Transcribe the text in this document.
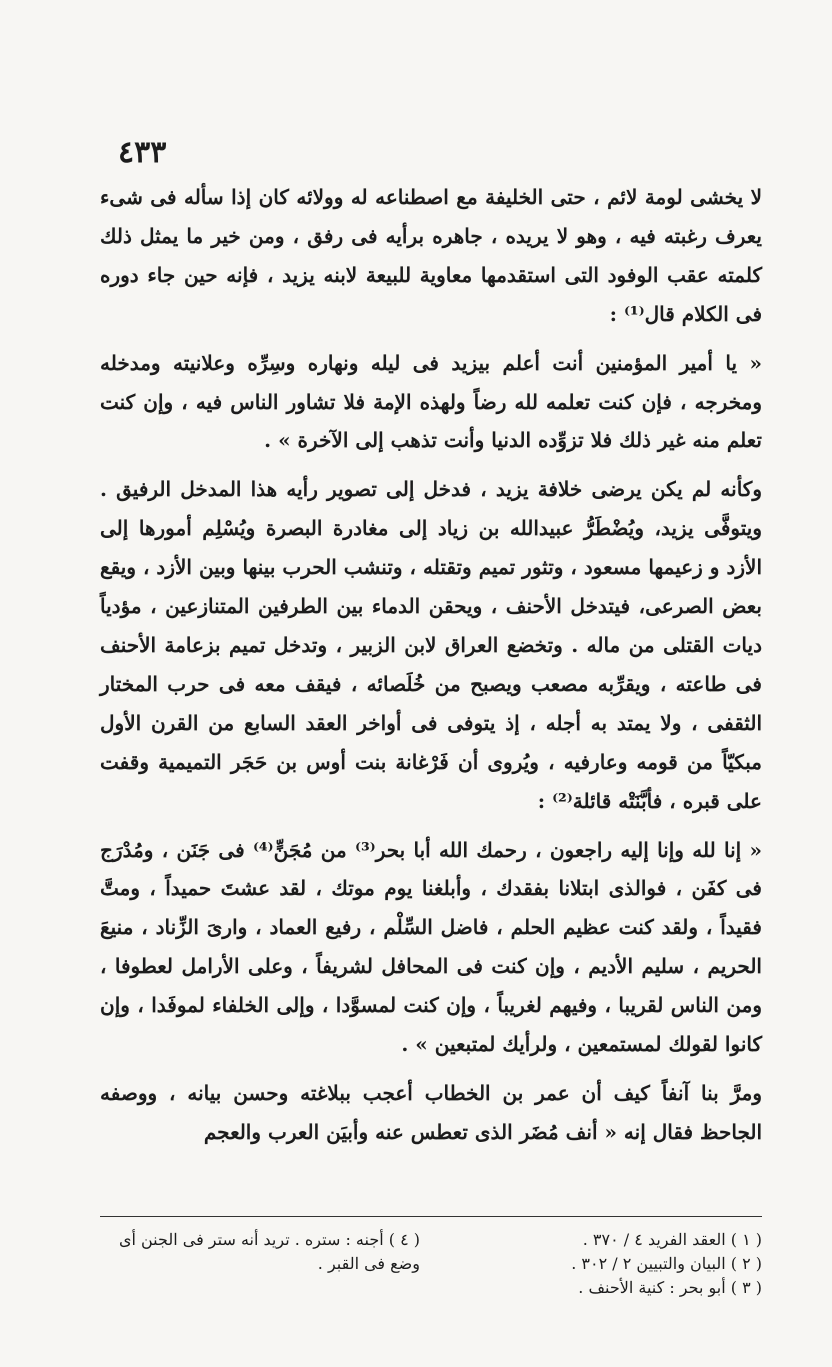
٤٣٣

لا يخشى لومة لائم ، حتى الخليفة مع اصطناعه له وولائه كان إذا سأله فى شىء يعرف رغبته فيه ، وهو لا يريده ، جاهره برأيه فى رفق ، ومن خير ما يمثل ذلك كلمته عقب الوفود التى استقدمها معاوية للبيعة لابنه يزيد ، فإنه حين جاء دوره فى الكلام قال⁽¹⁾ :

« يا أمير المؤمنين أنت أعلم بيزيد فى ليله ونهاره وسِرِّه وعلانيته ومدخله ومخرجه ، فإن كنت تعلمه لله رضاً ولهذه الإمة فلا تشاور الناس فيه ، وإن كنت تعلم منه غير ذلك فلا تزوِّده الدنيا وأنت تذهب إلى الآخرة » .

وكأنه لم يكن يرضى خلافة يزيد ، فدخل إلى تصوير رأيه هذا المدخل الرفيق . ويتوفَّى يزيد، ويُضْطَرُّ عبيدالله بن زياد إلى مغادرة البصرة ويُسْلِم أمورها إلى الأزد و زعيمها مسعود ، وتثور تميم وتقتله ، وتنشب الحرب بينها وبين الأزد ، ويقع بعض الصرعى، فيتدخل الأحنف ، ويحقن الدماء بين الطرفين المتنازعين ، مؤدياً ديات القتلى من ماله . وتخضع العراق لابن الزبير ، وتدخل تميم بزعامة الأحنف فى طاعته ، ويقرِّبه مصعب ويصبح من خُلَصائه ، فيقف معه فى حرب المختار الثقفى ، ولا يمتد به أجله ، إذ يتوفى فى أواخر العقد السابع من القرن الأول مبكيّاً من قومه وعارفيه ، ويُروى أن فَرْغانة بنت أوس بن حَجَر التميمية وقفت على قبره ، فأبَّنَتْه قائلة⁽²⁾ :

« إنا لله وإنا إليه راجعون ، رحمك الله أبا بحر⁽³⁾ من مُجَنٍّ⁽⁴⁾ فى جَنَن ، ومُدْرَج فى كفَن ، فوالذى ابتلانا بفقدك ، وأبلغنا يوم موتك ، لقد عشتَ حميداً ، ومتَّ فقيداً ، ولقد كنت عظيم الحلم ، فاضل السِّلْم ، رفيع العماد ، وارىَ الزِّناد ، منيعَ الحريم ، سليم الأديم ، وإن كنت فى المحافل لشريفاً ، وعلى الأرامل لعطوفا ، ومن الناس لقريبا ، وفيهم لغريباً ، وإن كنت لمسوَّدا ، وإلى الخلفاء لموفَدا ، وإن كانوا لقولك لمستمعين ، ولرأيك لمتبعين » .

ومرَّ بنا آنفاً كيف أن عمر بن الخطاب أعجب ببلاغته وحسن بيانه ، ووصفه الجاحظ فقال إنه « أنف مُضَر الذى تعطس عنه وأبيَن العرب والعجم

( ١ ) العقد الفريد ٤ / ٣٧٠ .

( ٢ ) البيان والتبيين ٢ / ٣٠٢ .

( ٣ ) أبو بحر : كنية الأحنف .

( ٤ ) أجنه : ستره . تريد أنه ستر فى الجنن أى وضع فى القبر .
